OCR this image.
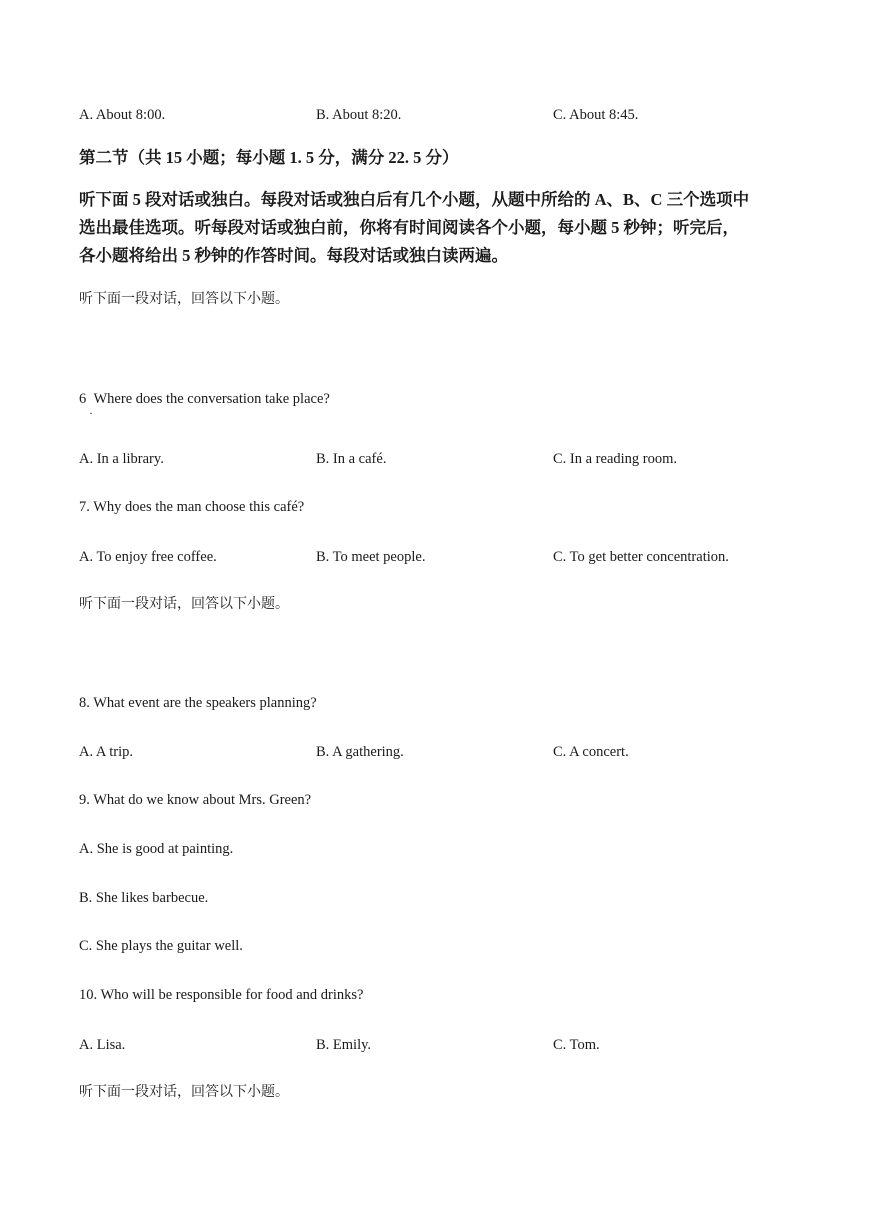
A. About 8:00.	B. About 8:20.	C. About 8:45.
第二节（共 15 小题；每小题 1. 5 分，满分 22. 5 分）
听下面 5 段对话或独白。每段对话或独白后有几个小题，从题中所给的 A、B、C 三个选项中
选出最佳选项。听每段对话或独白前，你将有时间阅读各个小题，每小题 5 秒钟；听完后，
各小题将给出 5 秒钟的作答时间。每段对话或独白读两遍。
听下面一段对话，回答以下小题。
6 Where does the conversation take place?
·
A. In a library.	B. In a café.	C. In a reading room.
7. Why does the man choose this café?
A. To enjoy free coffee.	B. To meet people.	C. To get better concentration.
听下面一段对话，回答以下小题。
8. What event are the speakers planning?
A. A trip.	B. A gathering.	C. A concert.
9. What do we know about Mrs. Green?
A. She is good at painting.
B. She likes barbecue.
C. She plays the guitar well.
10. Who will be responsible for food and drinks?
A. Lisa.	B. Emily.	C. Tom.
听下面一段对话，回答以下小题。
